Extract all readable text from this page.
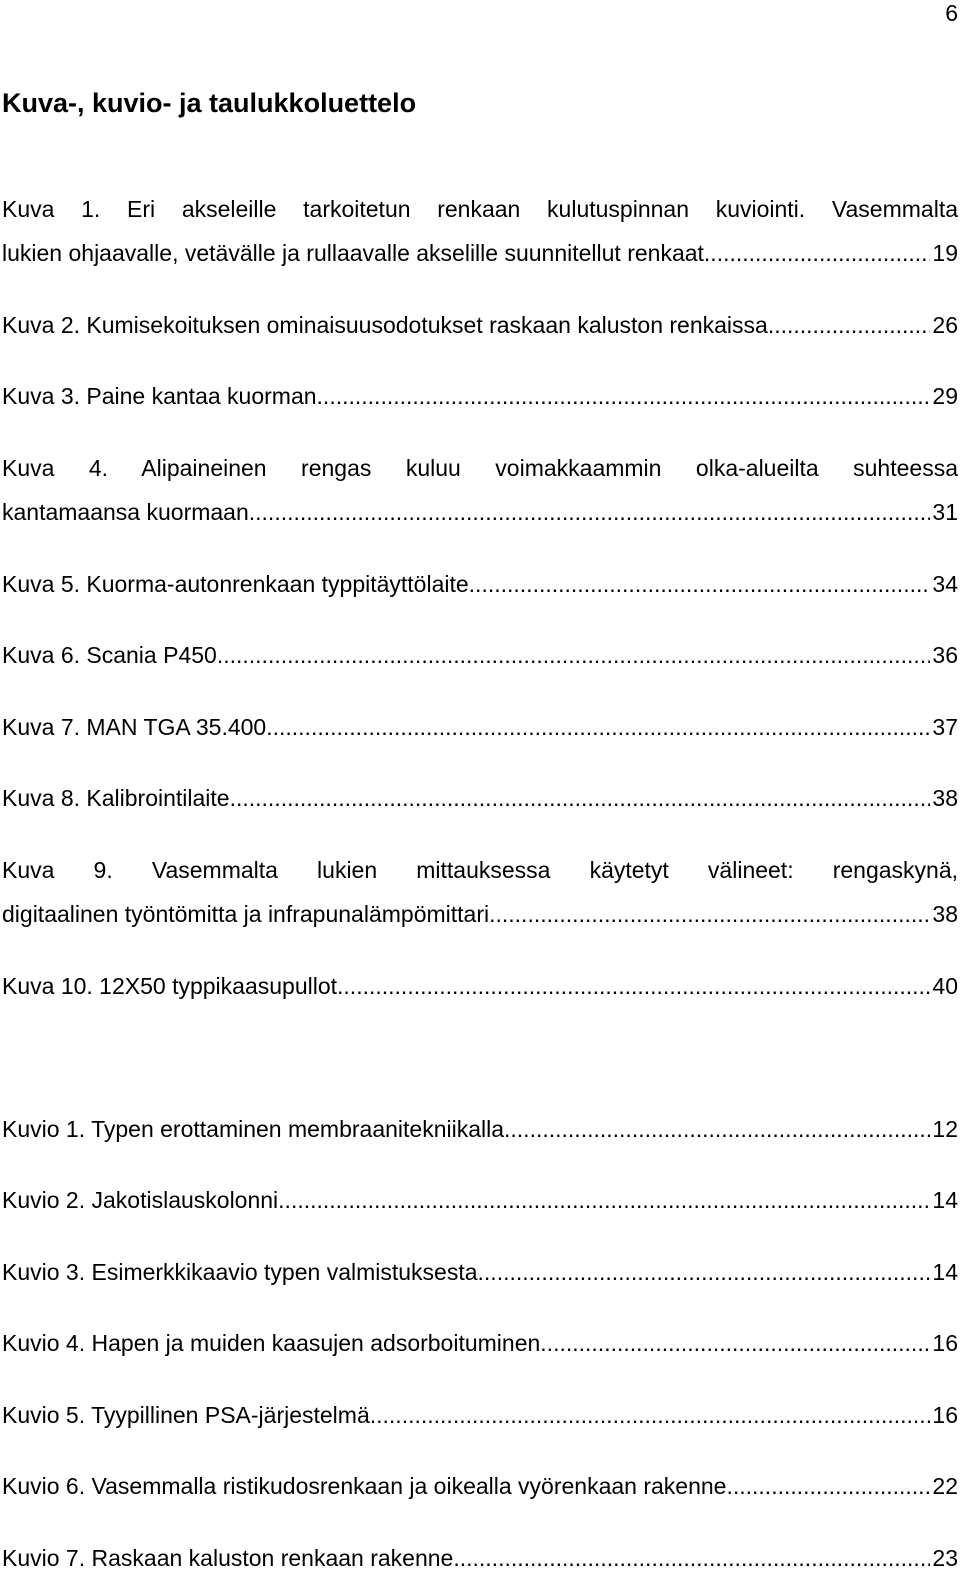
6
Kuva-, kuvio- ja taulukkoluettelo
Kuva 1. Eri akseleille tarkoitetun renkaan kulutuspinnan kuviointi. Vasemmalta
lukien ohjaavalle, vetävälle ja rullaavalle akselille suunnitellut renkaat .....	19
Kuva 2. Kumisekoituksen ominaisuusodotukset raskaan kaluston renkaissa .....	26
Kuva 3. Paine kantaa kuorman .....	29
Kuva 4. Alipaineinen rengas kuluu voimakkaammin olka-alueilta suhteessa
kantamaansa kuormaan .....	31
Kuva 5. Kuorma-autonrenkaan typpitäyttölaite .....	34
Kuva 6. Scania P450. .....	36
Kuva 7. MAN TGA 35.400. .....	37
Kuva 8. Kalibrointilaite. .....	38
Kuva 9. Vasemmalta lukien mittauksessa käytetyt välineet: rengaskynä,
digitaalinen työntömitta ja infrapunalämpömittari .....	38
Kuva 10. 12X50 typpikaasupullot .....	40
Kuvio 1. Typen erottaminen membraanitekniikalla .....	12
Kuvio 2. Jakotislauskolonni .....	14
Kuvio 3. Esimerkkikaavio typen valmistuksesta .....	14
Kuvio 4. Hapen ja muiden kaasujen adsorboituminen .....	16
Kuvio 5. Tyypillinen PSA-järjestelmä .....	16
Kuvio 6. Vasemmalla ristikudosrenkaan ja oikealla vyörenkaan rakenne .....	22
Kuvio 7. Raskaan kaluston renkaan rakenne. .....	23
